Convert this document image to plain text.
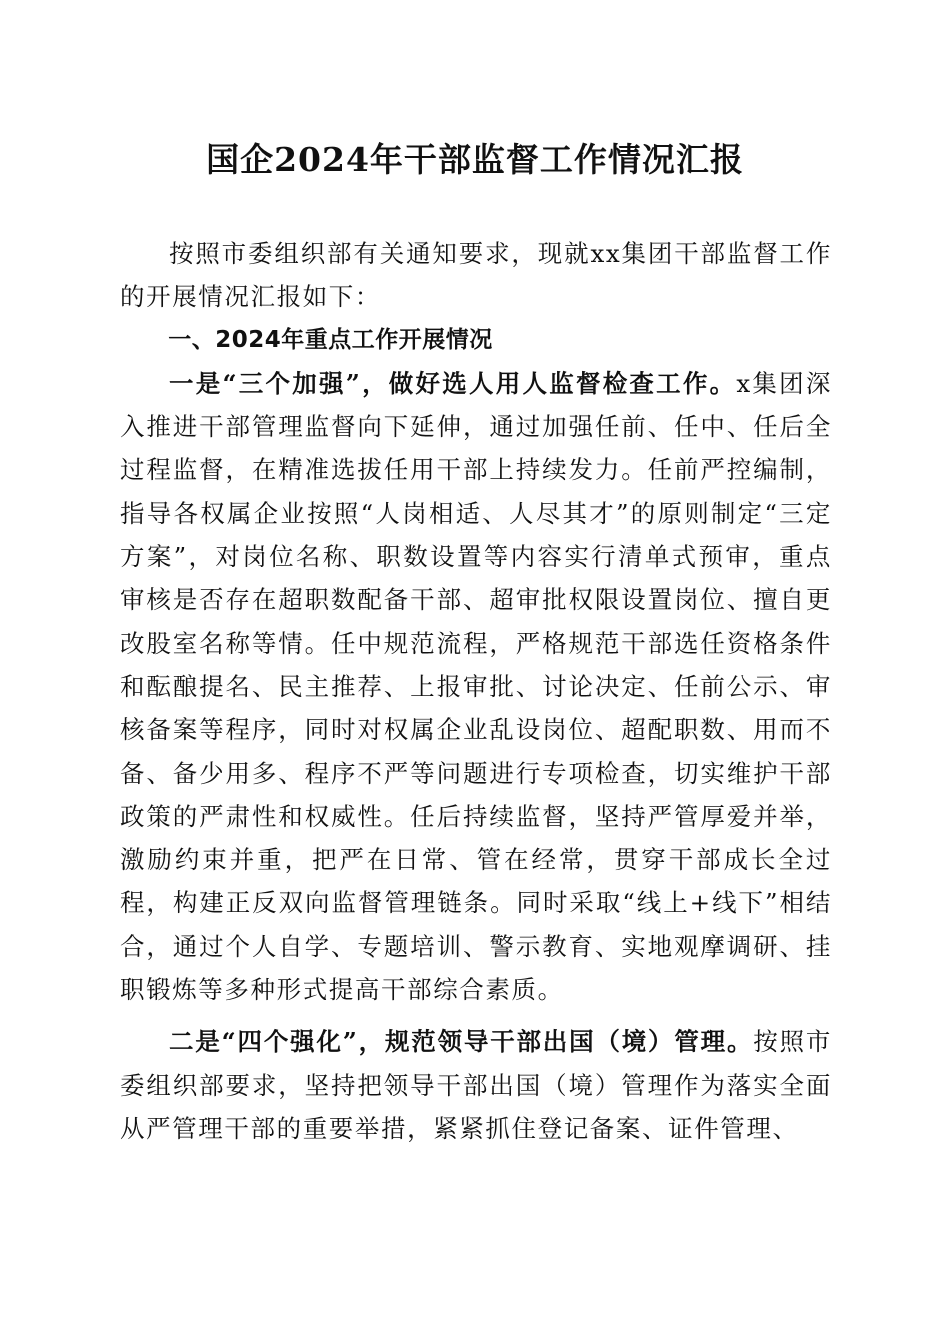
国企2024年干部监督工作情况汇报

按照市委组织部有关通知要求，现就xx集团干部监督工作的开展情况汇报如下：

一、2024年重点工作开展情况

一是“三个加强”，做好选人用人监督检查工作。x集团深入推进干部管理监督向下延伸，通过加强任前、任中、任后全过程监督，在精准选拔任用干部上持续发力。任前严控编制，指导各权属企业按照“人岗相适、人尽其才”的原则制定“三定方案”，对岗位名称、职数设置等内容实行清单式预审，重点审核是否存在超职数配备干部、超审批权限设置岗位、擅自更改股室名称等情。任中规范流程，严格规范干部选任资格条件和酝酿提名、民主推荐、上报审批、讨论决定、任前公示、审核备案等程序，同时对权属企业乱设岗位、超配职数、用而不备、备少用多、程序不严等问题进行专项检查，切实维护干部政策的严肃性和权威性。任后持续监督，坚持严管厚爱并举，激励约束并重，把严在日常、管在经常，贯穿干部成长全过程，构建正反双向监督管理链条。同时采取“线上+线下”相结合，通过个人自学、专题培训、警示教育、实地观摩调研、挂职锻炼等多种形式提高干部综合素质。

二是“四个强化”，规范领导干部出国（境）管理。按照市委组织部要求，坚持把领导干部出国（境）管理作为落实全面从严管理干部的重要举措，紧紧抓住登记备案、证件管理、
